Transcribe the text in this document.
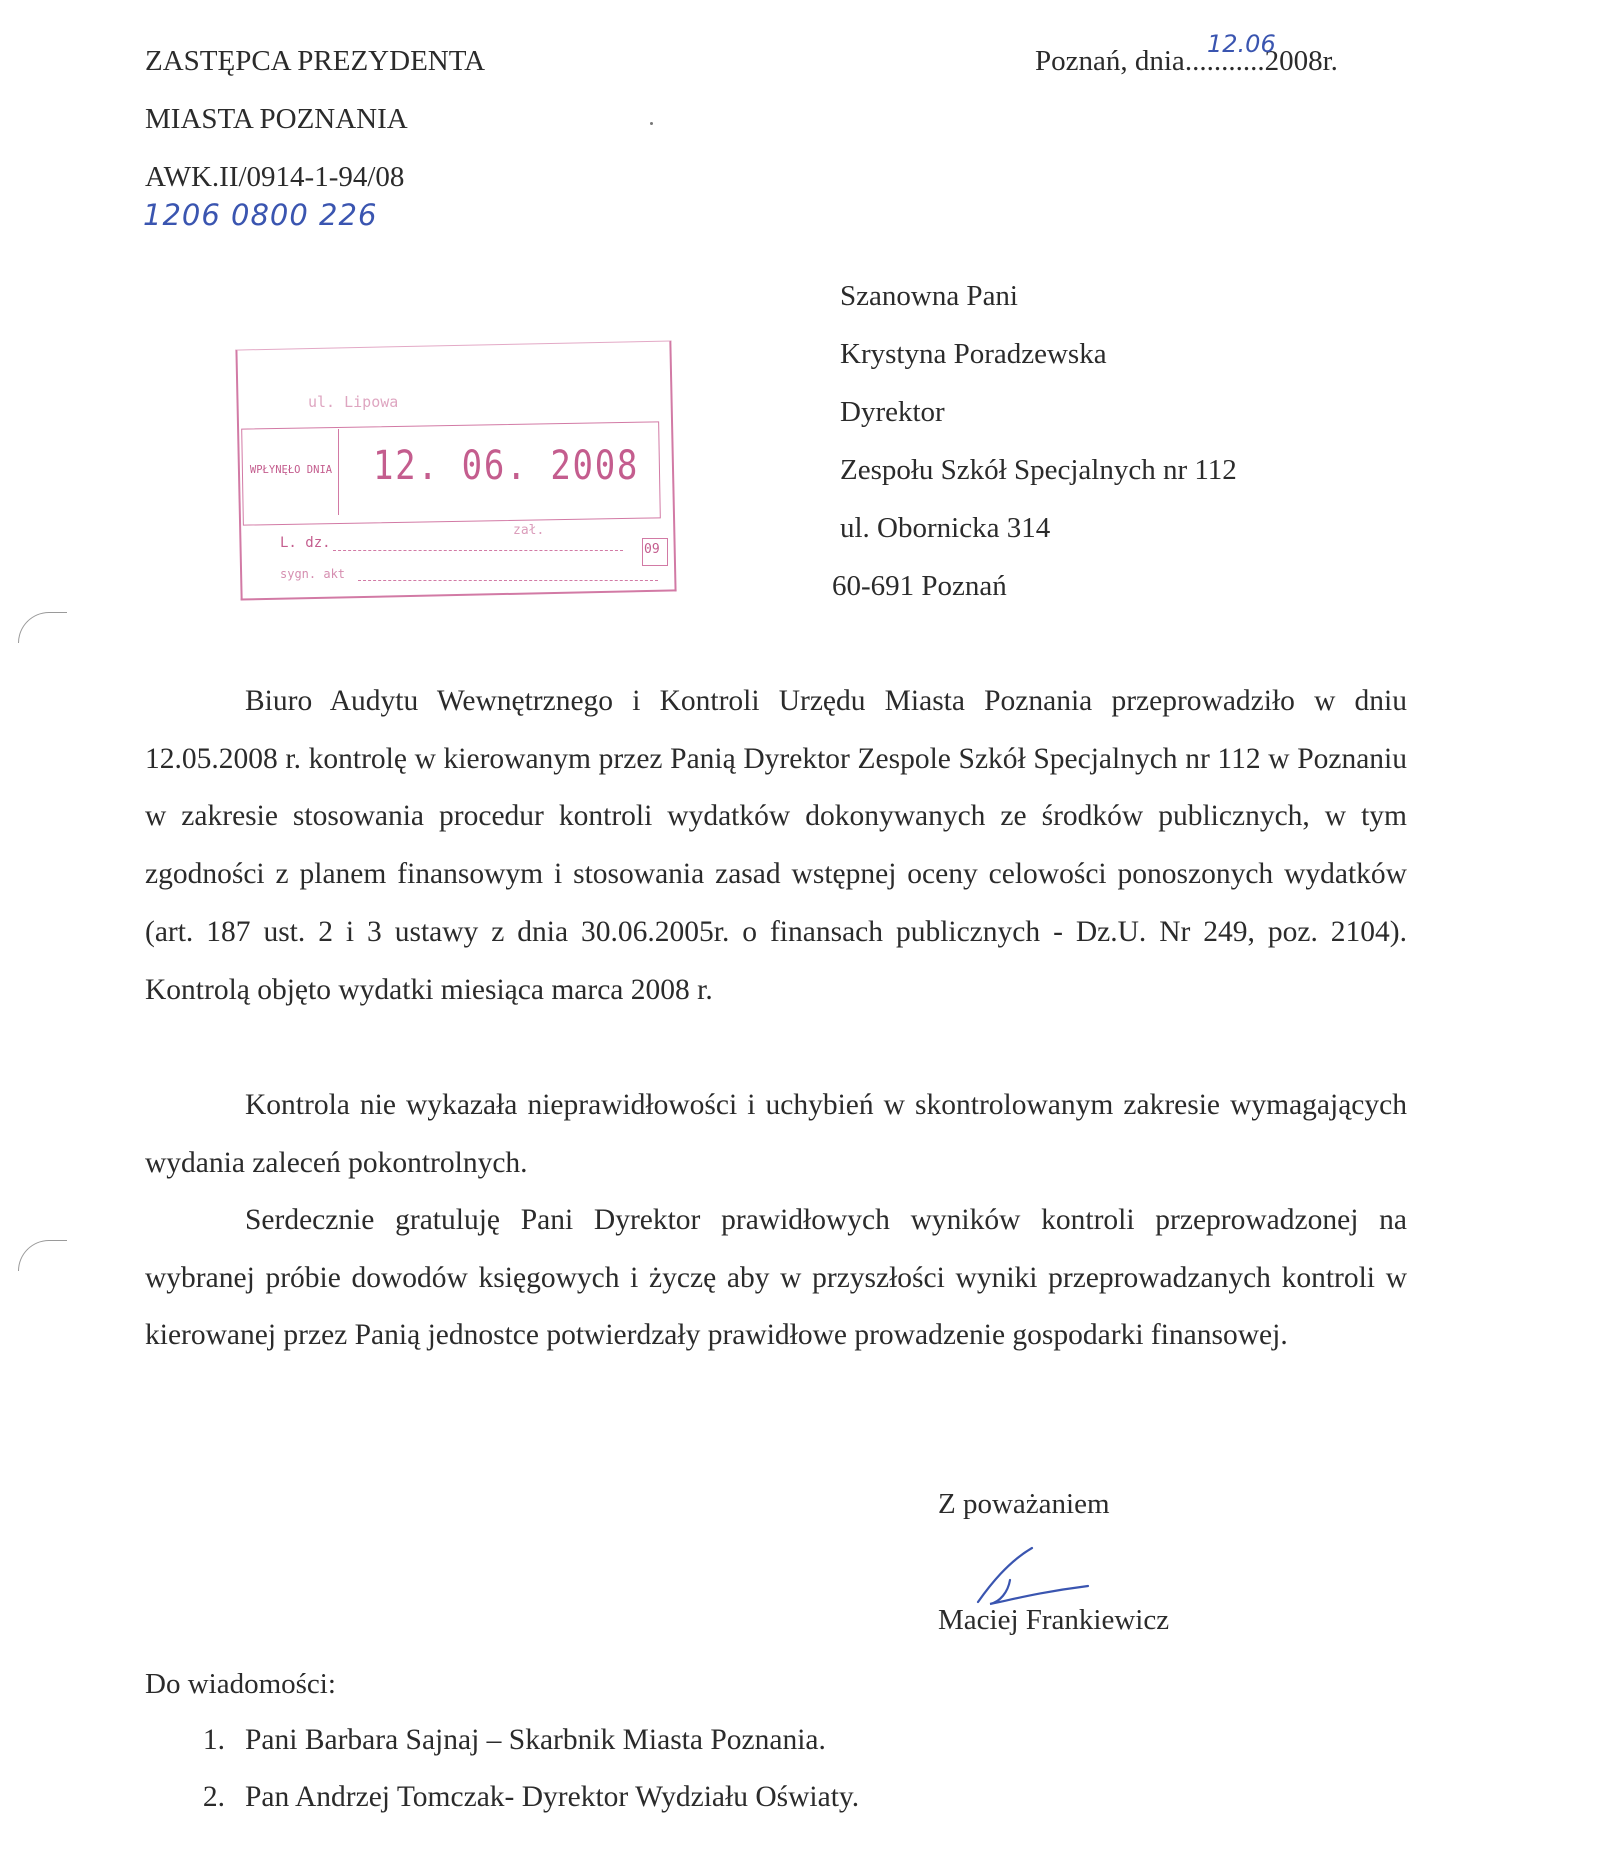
ZASTĘPCA PREZYDENTA
MIASTA POZNANIA
AWK.II/0914-1-94/08
1206 0800 226
Poznań, dnia...........2008r.
12.06
Szanowna Pani
Krystyna Poradzewska
Dyrektor
Zespołu Szkół Specjalnych nr 112
ul. Obornicka 314
60-691 Poznań
ul. Lipowa
WPŁYNĘŁO DNIA 12. 06. 2008
L. dz.
zał.
09
sygn. akt

Biuro Audytu Wewnętrznego i Kontroli Urzędu Miasta Poznania przeprowadziło w dniu 12.05.2008 r. kontrolę w kierowanym przez Panią Dyrektor Zespole Szkół Specjalnych nr 112 w Poznaniu w zakresie stosowania procedur kontroli wydatków dokonywanych ze środków publicznych, w tym zgodności z planem finansowym i stosowania zasad wstępnej oceny celowości ponoszonych wydatków (art. 187 ust. 2 i 3 ustawy z dnia 30.06.2005r. o finansach publicznych - Dz.U. Nr 249, poz. 2104). Kontrolą objęto wydatki miesiąca marca 2008 r.

Kontrola nie wykazała nieprawidłowości i uchybień w skontrolowanym zakresie wymagających wydania zaleceń pokontrolnych.

Serdecznie gratuluję Pani Dyrektor prawidłowych wyników kontroli przeprowadzonej na wybranej próbie dowodów księgowych i życzę aby w przyszłości wyniki przeprowadzanych kontroli w kierowanej przez Panią jednostce potwierdzały prawidłowe prowadzenie gospodarki finansowej.

Z poważaniem
Maciej Frankiewicz
Do wiadomości:
1. Pani Barbara Sajnaj – Skarbnik Miasta Poznania.
2. Pan Andrzej Tomczak- Dyrektor Wydziału Oświaty.
